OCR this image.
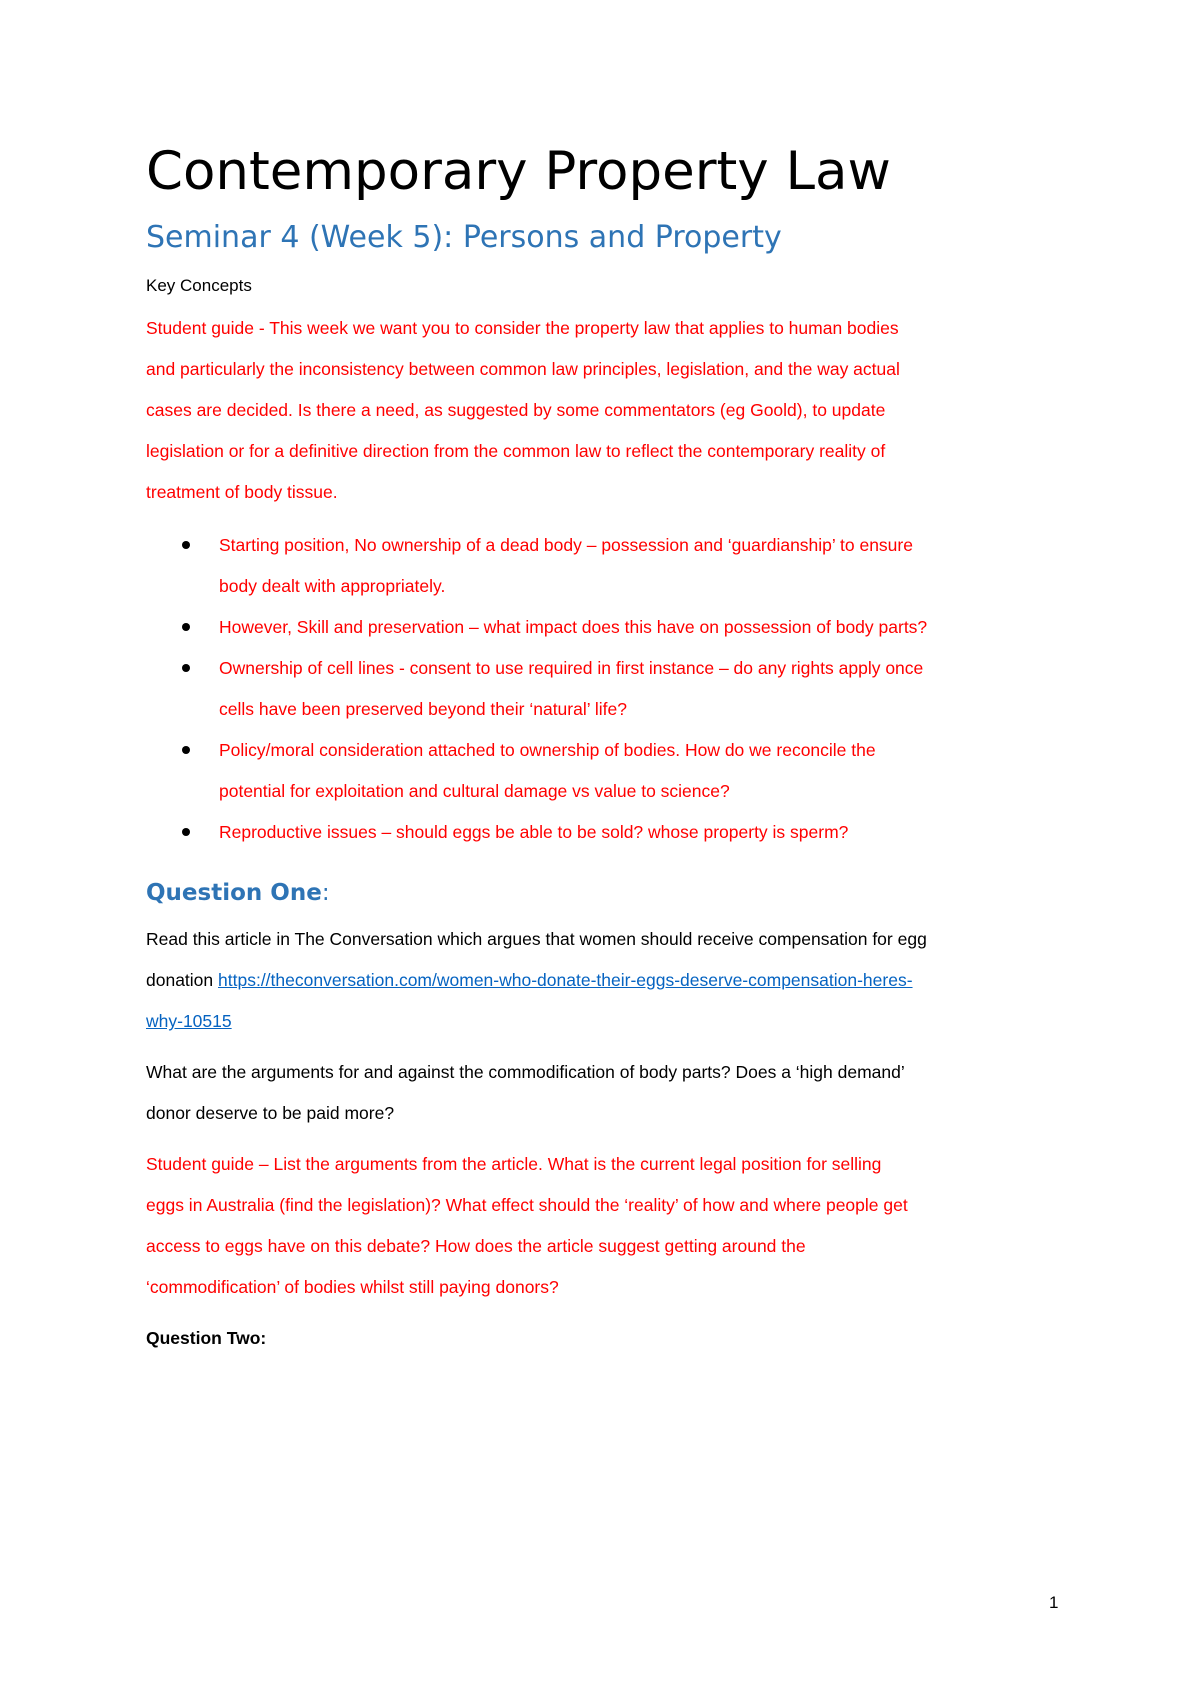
Contemporary Property Law
Seminar 4 (Week 5): Persons and Property

Key Concepts

Student guide - This week we want you to consider the property law that applies to human bodies
and particularly the inconsistency between common law principles, legislation, and the way actual
cases are decided. Is there a need, as suggested by some commentators (eg Goold), to update
legislation or for a definitive direction from the common law to reflect the contemporary reality of
treatment of body tissue.

Starting position, No ownership of a dead body – possession and ‘guardianship’ to ensure
body dealt with appropriately.
However, Skill and preservation – what impact does this have on possession of body parts?
Ownership of cell lines - consent to use required in first instance – do any rights apply once
cells have been preserved beyond their ‘natural’ life?
Policy/moral consideration attached to ownership of bodies. How do we reconcile the
potential for exploitation and cultural damage vs value to science?
Reproductive issues – should eggs be able to be sold? whose property is sperm?
Question One:

Read this article in The Conversation which argues that women should receive compensation for egg
donation https://theconversation.com/women-who-donate-their-eggs-deserve-compensation-heres-
why-10515

What are the arguments for and against the commodification of body parts? Does a ‘high demand’
donor deserve to be paid more?

Student guide – List the arguments from the article. What is the current legal position for selling
eggs in Australia (find the legislation)? What effect should the ‘reality’ of how and where people get
access to eggs have on this debate? How does the article suggest getting around the
‘commodification’ of bodies whilst still paying donors?

Question Two:

1
